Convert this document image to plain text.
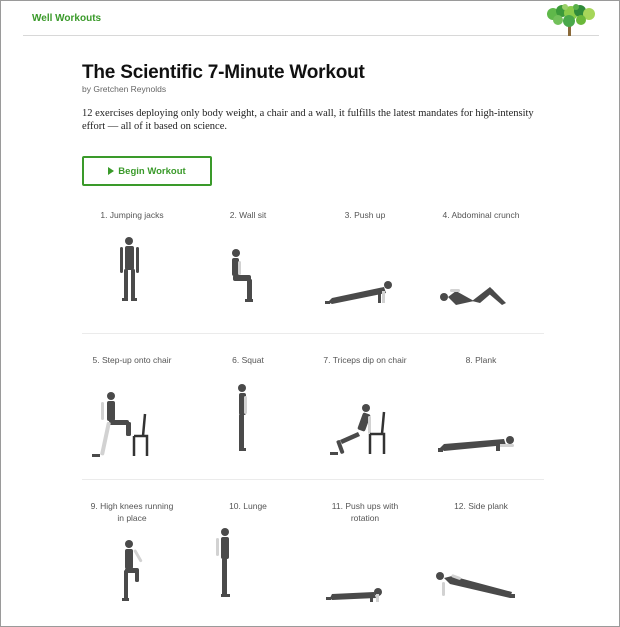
Well Workouts
The Scientific 7-Minute Workout
by Gretchen Reynolds

12 exercises deploying only body weight, a chair and a wall, it fulfills the latest mandates for high-intensity effort — all of it based on science.

Begin Workout
1. Jumping jacks	2. Wall sit	3. Push up	4. Abdominal crunch
5. Step-up onto chair	6. Squat	7. Triceps dip on chair	8. Plank
9. High knees running in place
10. Lunge	11. Push ups with rotation
12. Side plank
